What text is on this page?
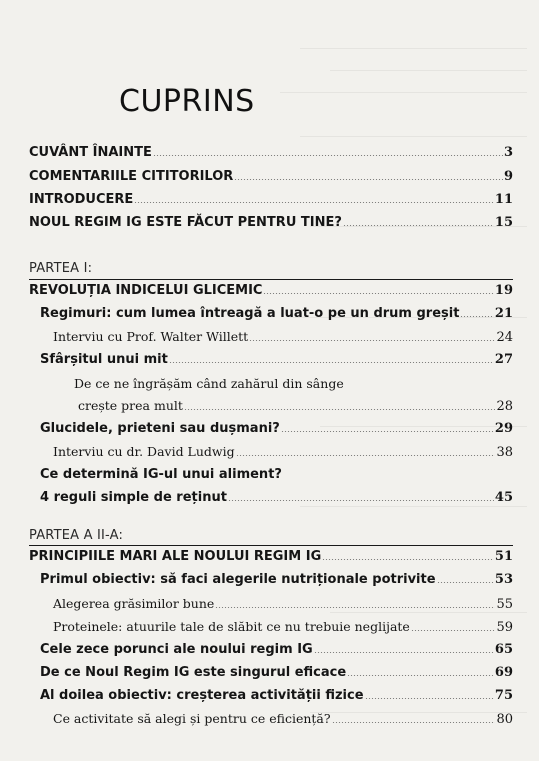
CUPRINS
CUVÂNT ÎNAINTE	3
COMENTARIILE CITITORILOR	9
INTRODUCERE	11
NOUL REGIM IG ESTE FĂCUT PENTRU TINE?	15
PARTEA I:
REVOLUȚIA INDICELUI GLICEMIC	19
Regimuri: cum lumea întreagă a luat-o pe un drum greșit	21
Interviu cu Prof. Walter Willett	24
Sfârșitul unui mit	27
De ce ne îngrășăm când zahărul din sânge
crește prea mult	28
Glucidele, prieteni sau dușmani?	29
Interviu cu dr. David Ludwig	38
Ce determină IG-ul unui aliment?
4 reguli simple de reținut	45
PARTEA A II-A:
PRINCIPIILE MARI ALE NOULUI REGIM IG	51
Primul obiectiv: să faci alegerile nutriționale potrivite	53
Alegerea grăsimilor bune	55
Proteinele: atuurile tale de slăbit ce nu trebuie neglijate	59
Cele zece porunci ale noului regim IG	65
De ce Noul Regim IG este singurul eficace	69
Al doilea obiectiv: creșterea activității fizice	75
Ce activitate să alegi și pentru ce eficiență?	80
